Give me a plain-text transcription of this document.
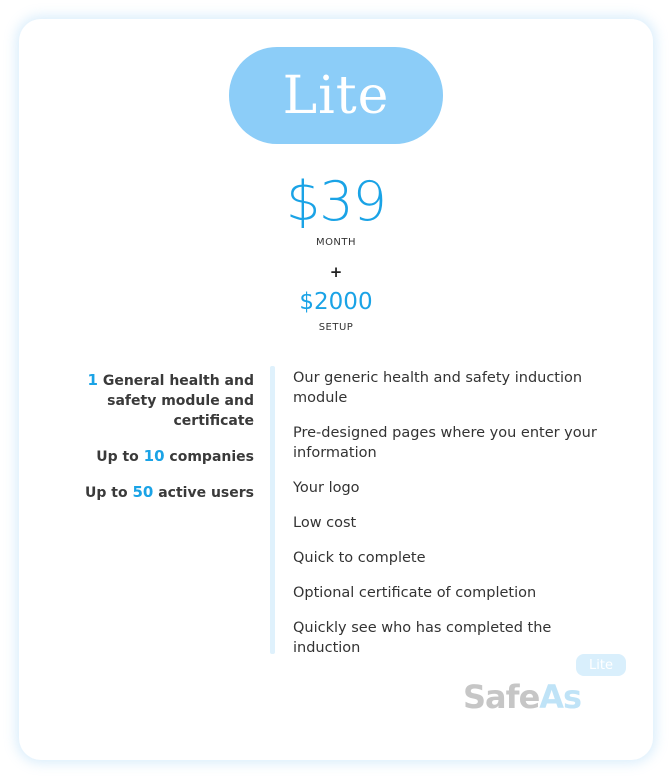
Lite
$39
MONTH
+
$2000
SETUP
1 General health and safety module and certificate
Up to 10 companies
Up to 50 active users
Our generic health and safety induction module
Pre-designed pages where you enter your information
Your logo
Low cost
Quick to complete
Optional certificate of completion
Quickly see who has completed the induction
Lite
SafeAs
